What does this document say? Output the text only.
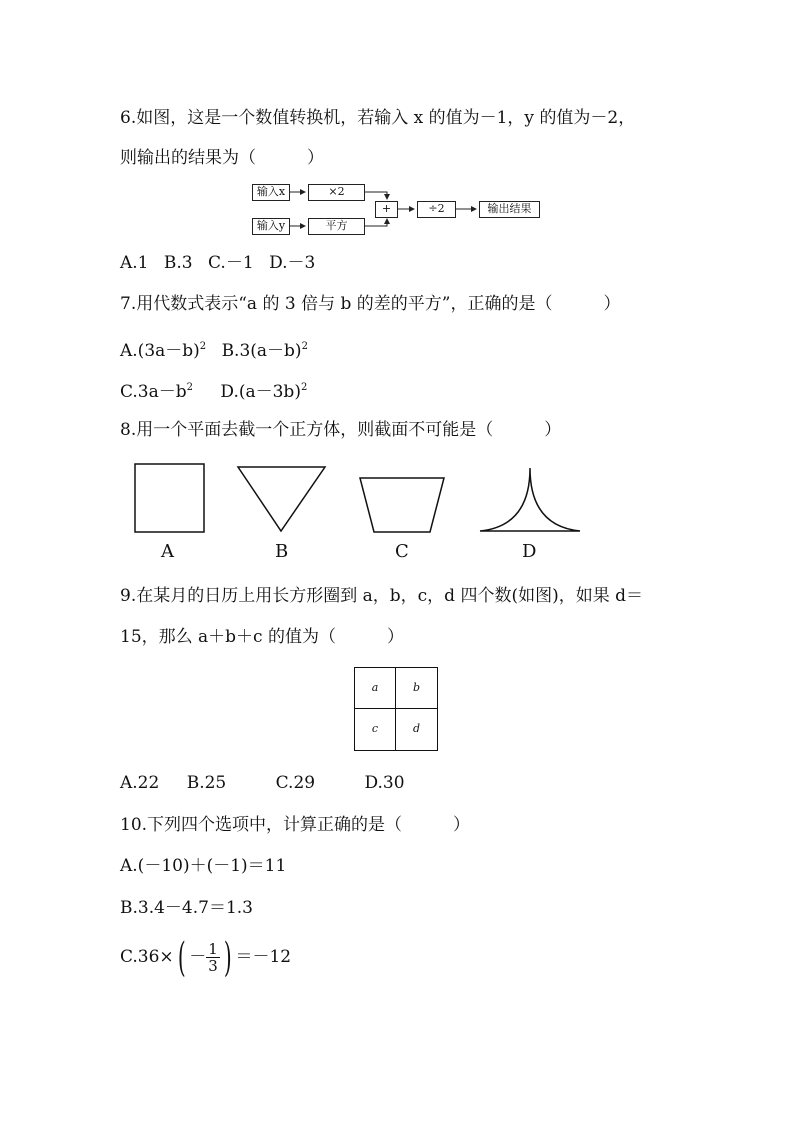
6.如图，这是一个数值转换机，若输入 x 的值为－1，y 的值为－2，
则输出的结果为（　　　）
输入x	×2
输入y	平方
+	÷2	输出结果
A.1 B.3 C.－1 D.－3
7.用代数式表示“a 的 3 倍与 b 的差的平方”，正确的是（　　　）
$A.(3a-b)^2$ $B.3(a-b)^2$
$C.3a-b^2$ $D.(a-3b)^2$
8.用一个平面去截一个正方体，则截面不可能是（　　　）
A	B	C	D
9.在某月的日历上用长方形圈到 a，b，c，d 四个数(如图)，如果 d＝
15，那么 a＋b＋c 的值为（　　　）
a	b
c	d
A.22 B.25	C.29	D.30
10.下列四个选项中，计算正确的是（　　　）
A.(－10)＋(－1)＝11
B.3.4－4.7＝1.3
$C.36\times( - \frac{1}{3}$ ) ＝－12
